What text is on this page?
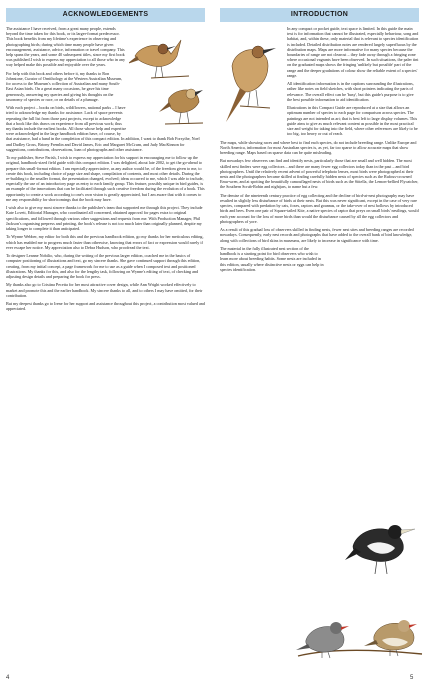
ACKNOWLEDGEMENTS

The assistance I have received, from a great many people, extends beyond the time taken for this book, or its larger-format predecessor. This book benefits from my lifetime's experience in observing and photographing birds; during which time many people have given encouragement, assistance, advice, information or travel company. This help spans the years, and some 40 subsequent titles, since my first book was published.I wish to express my appreciation to all those who in any way helped make this possible and enjoyable over the years.

For help with this book and others before it, my thanks to Ron Johnstone, Curator of Ornithology at the Western Australian Museum, for access to the Museum's collection of Australian and many South-East Asian birds. On a great many occasions, he gave his time generously, answering my queries and giving his thoughts on the taxonomy of species or race, or on details of a plumage.

With each project – books on birds, wildflowers, national parks – I have tried to acknowledge my thanks for assistance. Lack of space prevents repeating the full list from those past projects, except to acknowledge that a book like this draws on experience from all previous work; thus my thanks include the earliest books. All those whose help and expertise were acknowledged in the large handbook edition have, of course, by that assistance, had a hand in the completion of this compact edition. In addition, I want to thank Bob Forsythe, Noel and Dudley Gross, Briony Fremlin and David James, Eric and Margaret McCrum, and Judy MacKinnon for suggestions, contributions, observations, loan of photographs and other assistance.

To my publisher, Steve Parish, I wish to express my appreciation for his support in encouraging me to follow up the original, handbook-sized field guide with this compact edition. I was delighted, about late 2002, to get the go-ahead to prepare this small-format edition. I am especially appreciative, as any author would be, of the freedom given to me, to create this book, including choice of page size and shape, compilation of contents, and most other details. During the re-building to the smaller format, the presentation changed, evolved; ideas occurred to me, which I was able to include, especially the use of an introductory page as entry to each family group. This feature, possibly unique in bird guides, is an example of the innovations that can be facilitated through such creative freedom during the evolution of a book. This opportunity to create a work according to one's own vision is greatly appreciated, but I am aware that with it comes to me any responsibility for shortcomings that the book may have.

I wish also to give my most sincere thanks to the publisher's team that supported me through this project. They include Kate Lovett, Editorial Manager, who coordinated all concerned, obtained approval for pages extra to original specifications, and followed through various other suggestions and requests from me. With Production Manager, Phil Jackson's organising prepress and printing, the book's release is not too much later than originally planned, despite my taking longer to complete it than anticipated.

To Wynne Webber, my editor for both this and the previous handbook edition, go my thanks for her meticulous editing, which has enabled me to progress much faster than otherwise, knowing that errors of fact or expression would rarely if ever escape her notice. My appreciation also to Debra Hudson, who proofread the text.

To designer Leanne Nobilio, who, during the writing of the previous larger edition, coached me in the basics of computer positioning of illustrations and text, go my sincere thanks. She gave continued support through this edition, creating, from my initial concept, a page framework for me to use as a guide when I composed text and positioned illustrations. My thanks for this, and also for the lengthy task, following on Wynne's editing of text, of checking and adjusting design details and preparing the book for press.

My thanks also go to Cristina Pecetta for her most attractive cover design, while Ann Wright worked effectively to market and promote this and the earlier handbook. My sincere thanks to all, and to others I may have omitted, for their contribution.

But my deepest thanks go to Irene for her support and assistance throughout this project, a contribution most valued and appreciated.

4
INTRODUCTION

In any compact or pocket guide, text space is limited. In this guide the main text is for information that cannot be illustrated, especially behaviour, song and habitat, and, within these, only material that is relevant to species identification is included. Detailed distribution notes are rendered largely superfluous by the distribution maps. Maps are more informative for many species because the boundaries of range are not clearcut – they fade away through a fringing zone where occasional vagrants have been observed. In such situations, the paler tint on the graduated maps shows the fringing 'unlikely but possible' part of the range and the deeper gradations of colour show the reliable extent of a species' range.

All identification information is in the captions surrounding the illustrations, rather like notes on field sketches, with short pointers indicating the parts of relevance. The overall effect can be 'busy', but this guide's purpose is to give the best possible information to aid identification.

Illustrations in this Compact Guide are reproduced at a size that allows an optimum number of species to each page for comparison across species. The paintings are not intended as art; that is best left to large display volumes. This guide aims to give as much relevant content as possible in the most practical size and weight for taking into the field, where other references are likely to be too big, too heavy or out of reach.

The maps, while showing races and where best to find each species, do not include breeding range. Unlike Europe and North America, information for most Australian species is, as yet, far too sparse to allow accurate maps that show breeding range. Maps based on sparse data can be quite misleading.

But nowadays few observers can find and identify nests, particularly those that are small and well hidden. The most skilled nest finders were egg collectors – and there are many fewer egg collectors today than in the past – and bird photographers. Until the relatively recent advent of powerful telephoto lenses, most birds were photographed at their nests and the photographers became skilled at finding carefully hidden nests of species such as the Rufous-crowned Emu-wren, and at spotting the beautifully camouflaged nests of birds such as the Sittella, the Lemon-bellied Flycatcher, the Southern Scrub-Robin and nightjars, to name but a few.

The demise of the nineteenth century practice of egg collecting and the decline of bird-at-nest photography may have resulted in slightly less disturbance of birds at their nests. But this was never significant, except in the case of very rare species, compared with predation by cats, foxes, raptors and goannas, or the take-over of nest hollows by introduced birds and bees. Even one pair of Square-tailed Kite, a native species of raptor that preys on small birds' nestlings, would each year account for the loss of more birds than would the disturbance caused by all the egg collectors and photographers of yore.

As a result of this gradual loss of observers skilled in finding nests, fewer nest sites and breeding ranges are recorded nowadays. Consequently, early nest records and photographs that have added to the overall bank of bird knowledge, along with collections of bird skins in museums, are likely to increase in significance with time.

The material in the fully illustrated nest section of the handbook is a starting point for bird observers who wish to learn more about breeding habits. Some nests are included in this edition, usually where distinctive nests or eggs can help in species identification.

5
